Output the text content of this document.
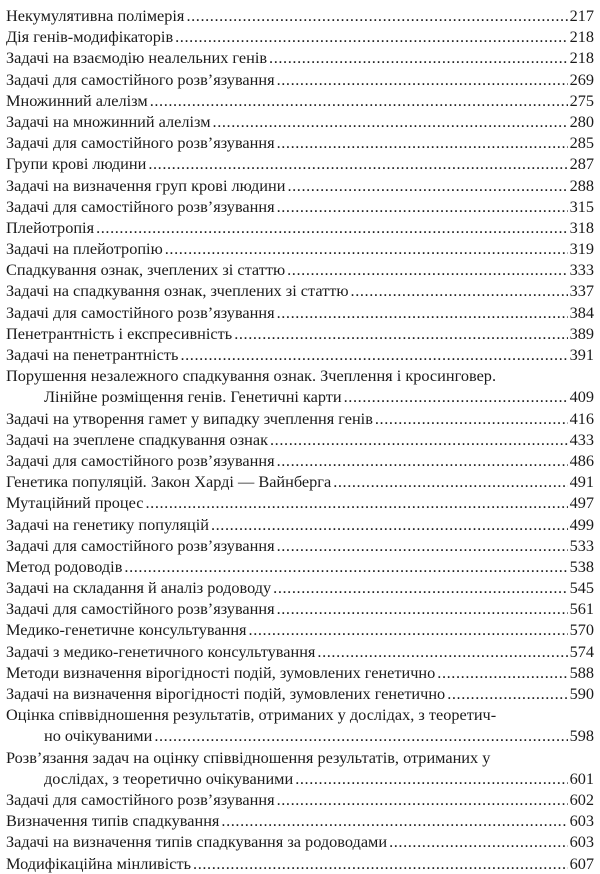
Некумулятивна полімерія .....	217
Дія генів-модифікаторів .....	218
Задачі на взаємодію неалельних генів .....	218
Задачі для самостійного розв’язування .....	269
Множинний алелізм .....	275
Задачі на множинний алелізм .....	280
Задачі для самостійного розв’язування .....	285
Групи крові людини .....	287
Задачі на визначення груп крові людини .....	288
Задачі для самостійного розв’язування .....	315
Плейотропія .....	318
Задачі на плейотропію .....	319
Спадкування ознак, зчеплених зі статтю .....	333
Задачі на спадкування ознак, зчеплених зі статтю .....	337
Задачі для самостійного розв’язування .....	384
Пенетрантність і експресивність .....	389
Задачі на пенетрантність .....	391
Порушення незалежного спадкування ознак. Зчеплення і кросинговер.
Лінійне розміщення генів. Генетичні карти .....	409
Задачі на утворення гамет у випадку зчеплення генів .....	416
Задачі на зчеплене спадкування ознак .....	433
Задачі для самостійного розв’язування .....	486
Генетика популяцій. Закон Харді — Вайнберга .....	491
Мутаційний процес .....	497
Задачі на генетику популяцій .....	499
Задачі для самостійного розв’язування .....	533
Метод родоводів .....	538
Задачі на складання й аналіз родоводу .....	545
Задачі для самостійного розв’язування .....	561
Медико-генетичне консультування .....	570
Задачі з медико-генетичного консультування .....	574
Методи визначення вірогідності подій, зумовлених генетично .....	588
Задачі на визначення вірогідності подій, зумовлених генетично .....	590
Оцінка співвідношення результатів, отриманих у дослідах, з теоретич-
но очікуваними .....	598
Розв’язання задач на оцінку співвідношення результатів, отриманих у
дослідах, з теоретично очікуваними .....	601
Задачі для самостійного розв’язування .....	602
Визначення типів спадкування .....	603
Задачі на визначення типів спадкування за родоводами .....	603
Модифікаційна мінливість .....	607
